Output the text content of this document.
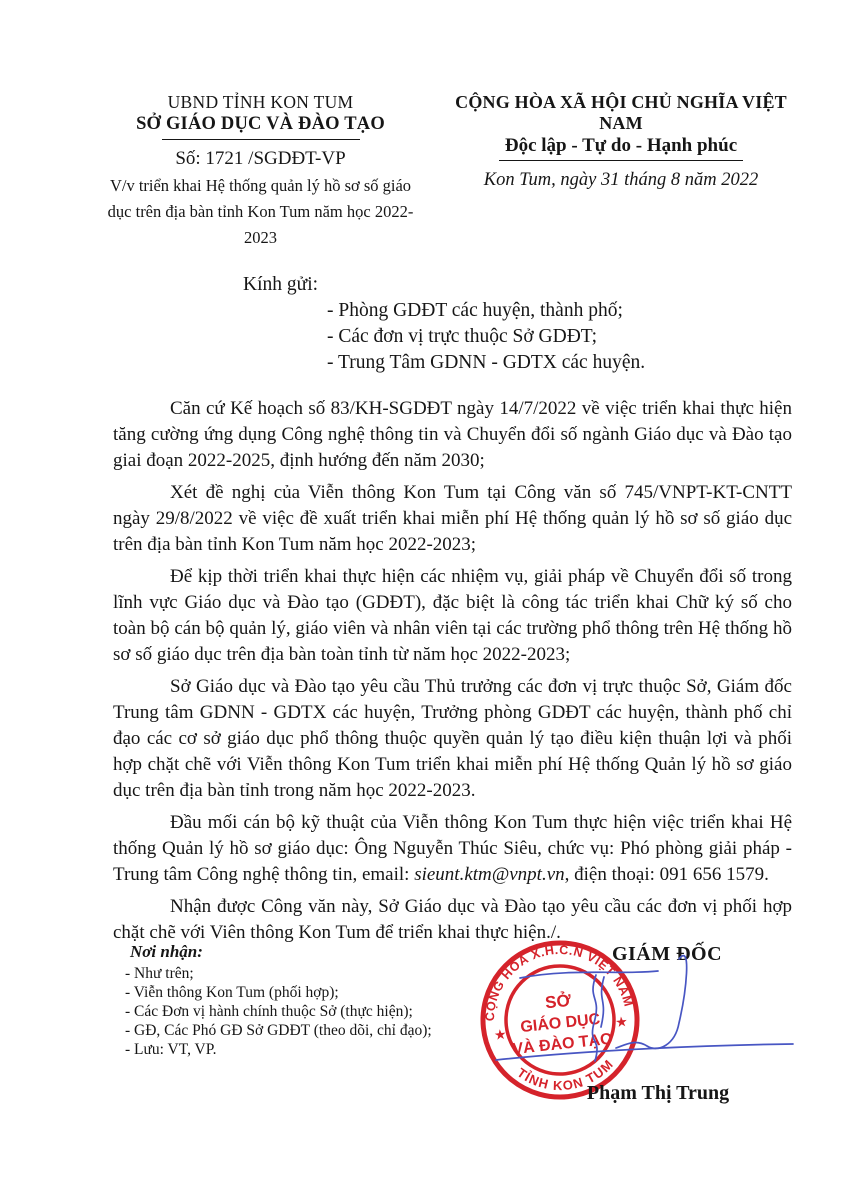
UBND TỈNH KON TUM
SỞ GIÁO DỤC VÀ ĐÀO TẠO
Số: 1721 /SGDĐT-VP
V/v triển khai Hệ thống quản lý hồ sơ số giáo dục trên địa bàn tỉnh Kon Tum năm học 2022-2023
CỘNG HÒA XÃ HỘI CHỦ NGHĨA VIỆT NAM
Độc lập - Tự do - Hạnh phúc
Kon Tum, ngày 31 tháng 8 năm 2022
Kính gửi:
- Phòng GDĐT các huyện, thành phố;
- Các đơn vị trực thuộc Sở GDĐT;
- Trung Tâm GDNN - GDTX các huyện.

Căn cứ Kế hoạch số 83/KH-SGDĐT ngày 14/7/2022 về việc triển khai thực hiện tăng cường ứng dụng Công nghệ thông tin và Chuyển đổi số ngành Giáo dục và Đào tạo giai đoạn 2022-2025, định hướng đến năm 2030;

Xét đề nghị của Viễn thông Kon Tum tại Công văn số 745/VNPT-KT-CNTT ngày 29/8/2022 về việc đề xuất triển khai miễn phí Hệ thống quản lý hồ sơ số giáo dục trên địa bàn tỉnh Kon Tum năm học 2022-2023;

Để kịp thời triển khai thực hiện các nhiệm vụ, giải pháp về Chuyển đổi số trong lĩnh vực Giáo dục và Đào tạo (GDĐT), đặc biệt là công tác triển khai Chữ ký số cho toàn bộ cán bộ quản lý, giáo viên và nhân viên tại các trường phổ thông trên Hệ thống hồ sơ số giáo dục trên địa bàn toàn tỉnh từ năm học 2022-2023;

Sở Giáo dục và Đào tạo yêu cầu Thủ trưởng các đơn vị trực thuộc Sở, Giám đốc Trung tâm GDNN - GDTX các huyện, Trưởng phòng GDĐT các huyện, thành phố chỉ đạo các cơ sở giáo dục phổ thông thuộc quyền quản lý tạo điều kiện thuận lợi và phối hợp chặt chẽ với Viễn thông Kon Tum triển khai miễn phí Hệ thống Quản lý hồ sơ giáo dục trên địa bàn tỉnh trong năm học 2022-2023.

Đầu mối cán bộ kỹ thuật của Viễn thông Kon Tum thực hiện việc triển khai Hệ thống Quản lý hồ sơ giáo dục: Ông Nguyễn Thúc Siêu, chức vụ: Phó phòng giải pháp - Trung tâm Công nghệ thông tin, email: sieunt.ktm@vnpt.vn, điện thoại: 091 656 1579.

Nhận được Công văn này, Sở Giáo dục và Đào tạo yêu cầu các đơn vị phối hợp chặt chẽ với Viên thông Kon Tum để triển khai thực hiện./.

Nơi nhận:
- Như trên;
- Viễn thông Kon Tum (phối hợp);
- Các Đơn vị hành chính thuộc Sở (thực hiện);
- GĐ, Các Phó GĐ Sở GDĐT (theo dõi, chỉ đạo);
- Lưu: VT, VP.
GIÁM ĐỐC
CỘNG HÒA X.H.C.N VIỆT NAM
TỈNH KON TUM
★
★
SỞ
GIÁO DỤC
VÀ ĐÀO TẠO
Phạm Thị Trung
